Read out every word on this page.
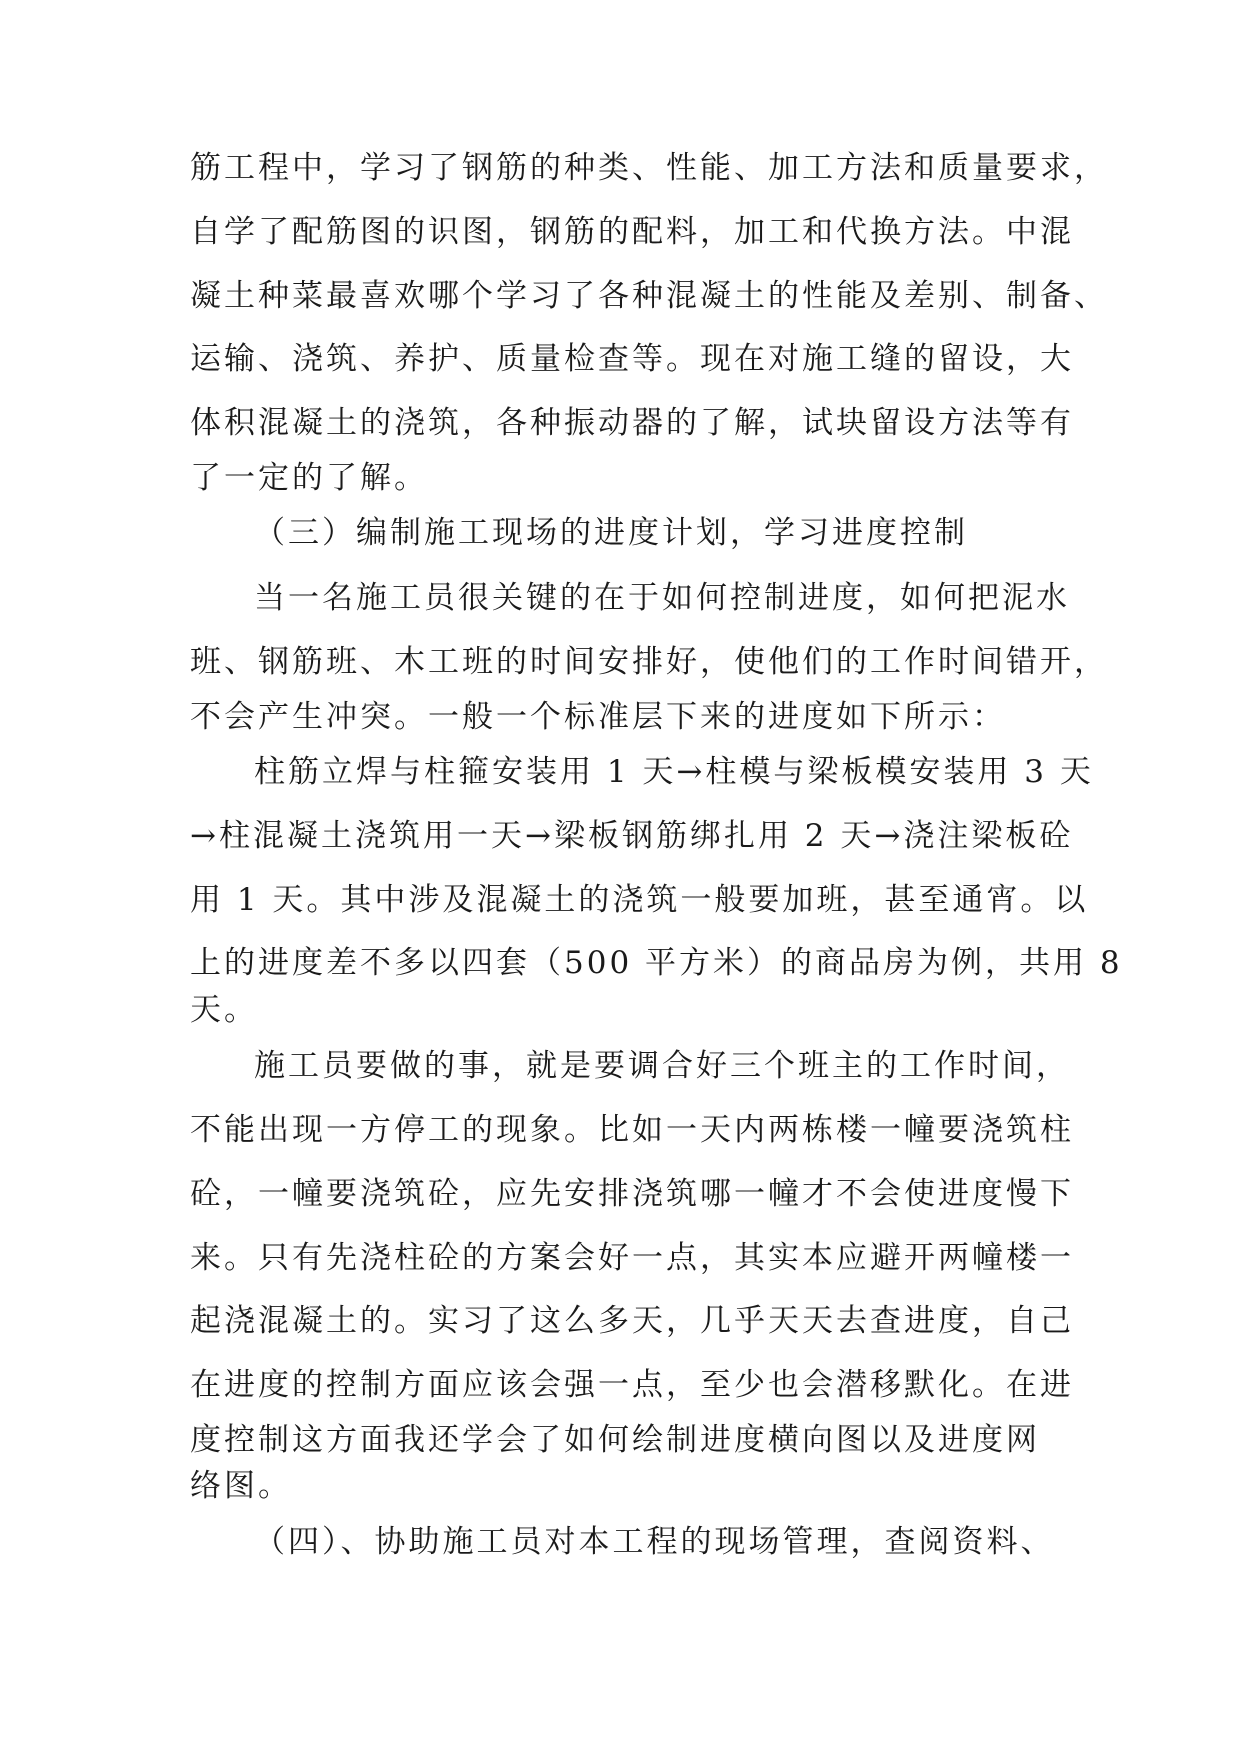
筋工程中，学习了钢筋的种类、性能、加工方法和质量要求，
自学了配筋图的识图，钢筋的配料，加工和代换方法。中混
凝土种菜最喜欢哪个学习了各种混凝土的性能及差别、制备、
运输、浇筑、养护、质量检查等。现在对施工缝的留设，大
体积混凝土的浇筑，各种振动器的了解，试块留设方法等有
了一定的了解。
（三）编制施工现场的进度计划，学习进度控制
当一名施工员很关键的在于如何控制进度，如何把泥水
班、钢筋班、木工班的时间安排好，使他们的工作时间错开，
不会产生冲突。一般一个标准层下来的进度如下所示：
柱筋立焊与柱箍安装用 1 天→柱模与梁板模安装用 3 天
→柱混凝土浇筑用一天→梁板钢筋绑扎用 2 天→浇注梁板砼
用 1 天。其中涉及混凝土的浇筑一般要加班，甚至通宵。以
上的进度差不多以四套（500 平方米）的商品房为例，共用 8
天。
施工员要做的事，就是要调合好三个班主的工作时间，
不能出现一方停工的现象。比如一天内两栋楼一幢要浇筑柱
砼，一幢要浇筑砼，应先安排浇筑哪一幢才不会使进度慢下
来。只有先浇柱砼的方案会好一点，其实本应避开两幢楼一
起浇混凝土的。实习了这么多天，几乎天天去查进度，自己
在进度的控制方面应该会强一点，至少也会潜移默化。在进
度控制这方面我还学会了如何绘制进度横向图以及进度网
络图。
（四）、协助施工员对本工程的现场管理，查阅资料、
